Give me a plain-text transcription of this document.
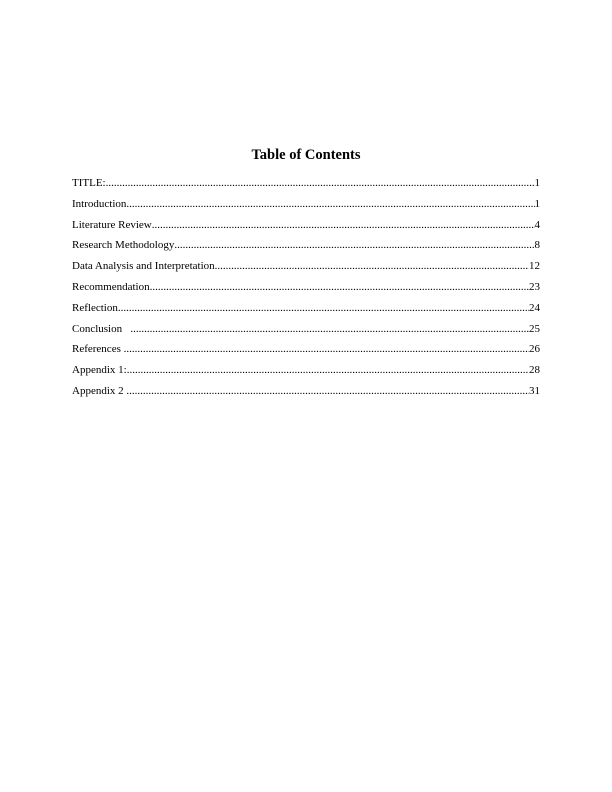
Table of Contents
TITLE: .....	1
Introduction .....	1
Literature Review .....	4
Research Methodology .....	8
Data Analysis and Interpretation .....	12
Recommendation .....	23
Reflection .....	24
Conclusion .....	25
References .....	26
Appendix 1: .....	28
Appendix 2 .....	31
